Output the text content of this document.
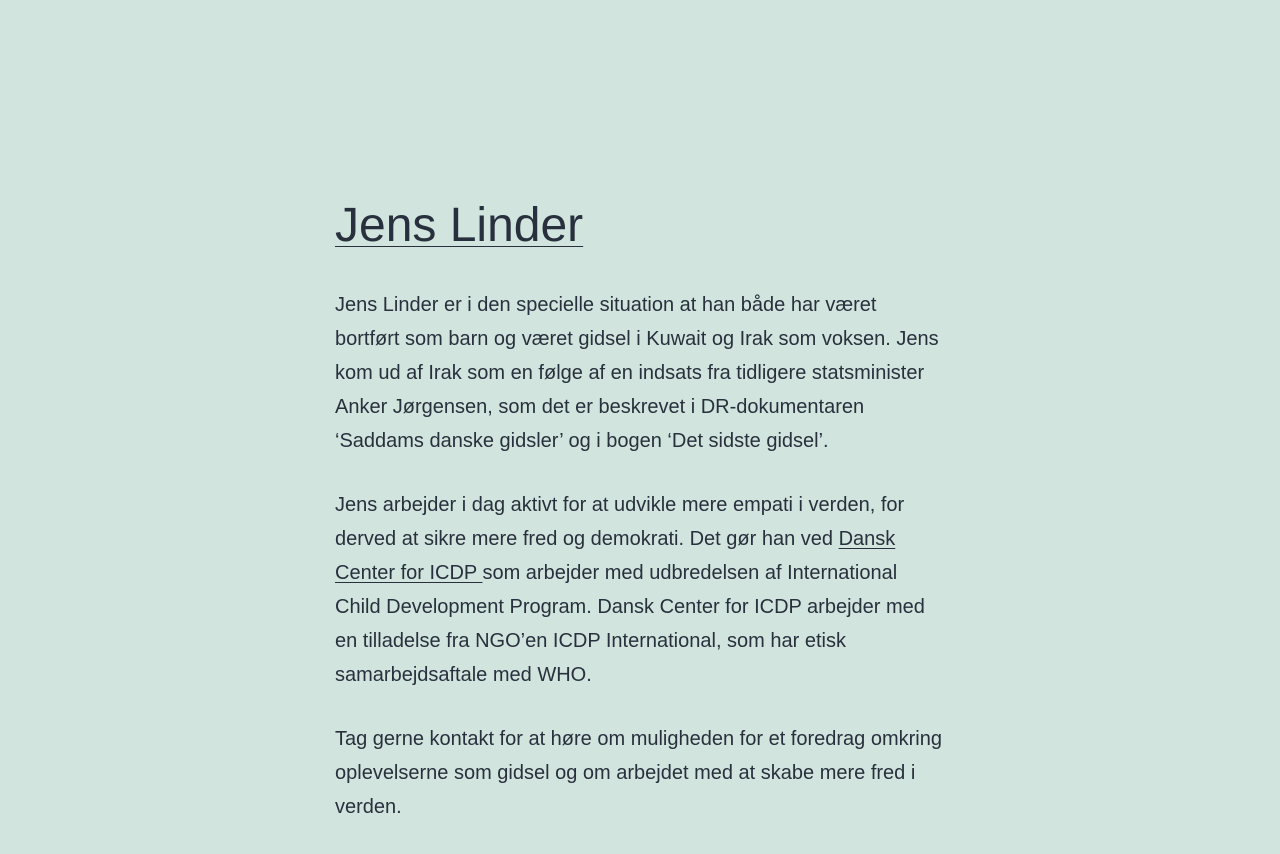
Jens Linder

Jens Linder er i den specielle situation at han både har været bortført som barn og været gidsel i Kuwait og Irak som voksen. Jens kom ud af Irak som en følge af en indsats fra tidligere statsminister Anker Jørgensen, som det er beskrevet i DR-dokumentaren ‘Saddams danske gidsler’ og i bogen ‘Det sidste gidsel’.

Jens arbejder i dag aktivt for at udvikle mere empati i verden, for derved at sikre mere fred og demokrati. Det gør han ved Dansk Center for ICDP som arbejder med udbredelsen af International Child Development Program. Dansk Center for ICDP arbejder med en tilladelse fra NGO’en ICDP International, som har etisk samarbejdsaftale med WHO.

Tag gerne kontakt for at høre om muligheden for et foredrag omkring oplevelserne som gidsel og om arbejdet med at skabe mere fred i verden.
